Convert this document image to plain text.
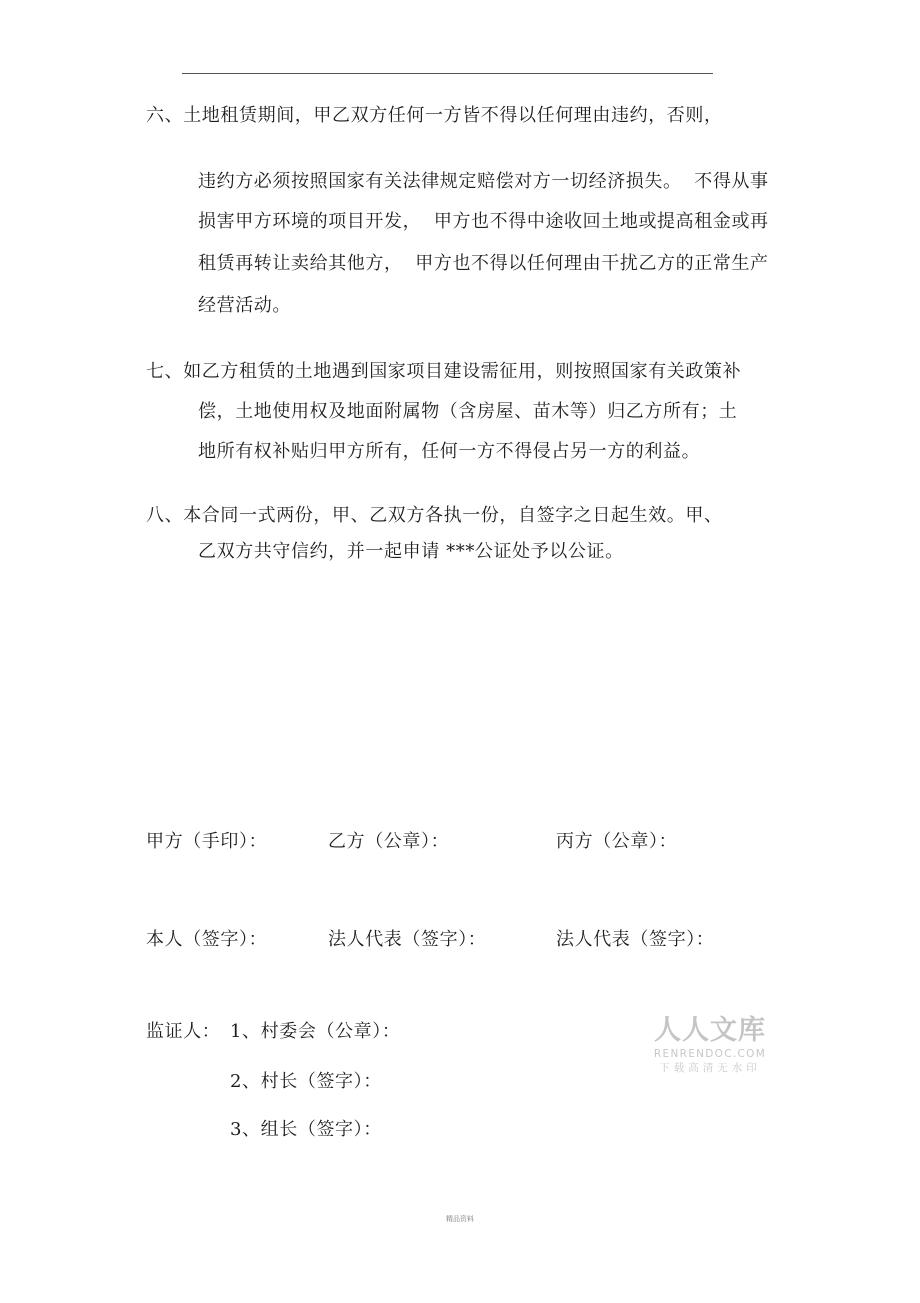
六、土地租赁期间，甲乙双方任何一方皆不得以任何理由违约，否则，
违约方必须按照国家有关法律规定赔偿对方一切经济损失。  不得从事
损害甲方环境的项目开发，  甲方也不得中途收回土地或提高租金或再
租赁再转让卖给其他方，  甲方也不得以任何理由干扰乙方的正常生产
经营活动。
七、如乙方租赁的土地遇到国家项目建设需征用，则按照国家有关政策补
偿，土地使用权及地面附属物（含房屋、苗木等）归乙方所有；土
地所有权补贴归甲方所有，任何一方不得侵占另一方的利益。
八、本合同一式两份，甲、乙双方各执一份，自签字之日起生效。甲、
乙双方共守信约，并一起申请 ***公证处予以公证。
甲方（手印）：	乙方（公章）：	丙方（公章）：
本人（签字）：	法人代表（签字）：	法人代表（签字）：
监证人： 1、村委会（公章）：
2、村长（签字）：
3、组长（签字）：
人人文库
RENRENDOC.COM
下载高清无水印
精品资料
